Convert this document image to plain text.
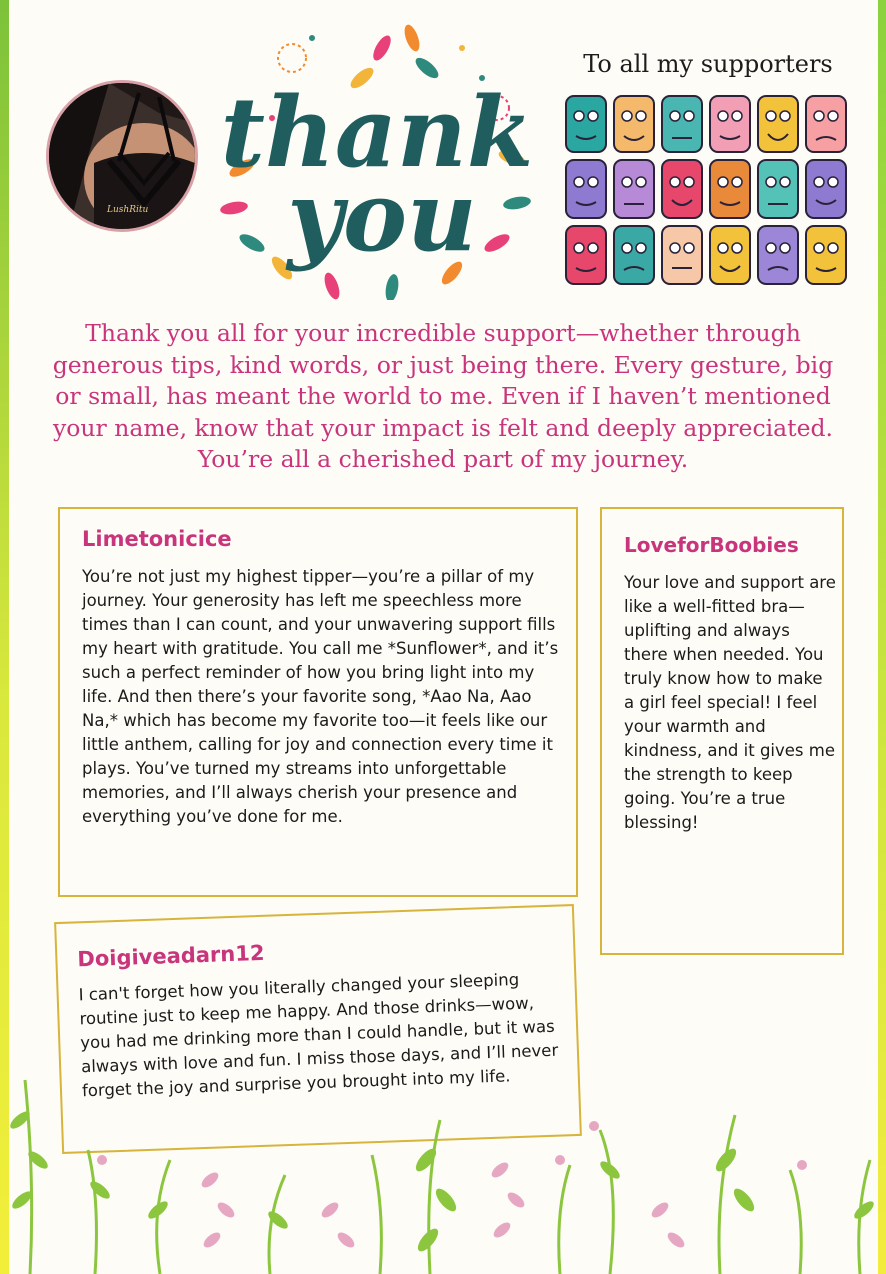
LushRitu
thank
you
To all my supporters

Thank you all for your incredible support—whether through generous tips, kind words, or just being there. Every gesture, big or small, has meant the world to me. Even if I haven’t mentioned your name, know that your impact is felt and deeply appreciated. You’re all a cherished part of my journey.

Limetonicice

You’re not just my highest tipper—you’re a pillar of my journey. Your generosity has left me speechless more times than I can count, and your unwavering support fills my heart with gratitude. You call me *Sunflower*, and it’s such a perfect reminder of how you bring light into my life. And then there’s your favorite song, *Aao Na, Aao Na,* which has become my favorite too—it feels like our little anthem, calling for joy and connection every time it plays. You’ve turned my streams into unforgettable memories, and I’ll always cherish your presence and everything you’ve done for me.

LoveforBoobies

Your love and support are like a well-fitted bra—uplifting and always there when needed. You truly know how to make a girl feel special! I feel your warmth and kindness, and it gives me the strength to keep going. You’re a true blessing!

Doigiveadarn12

I can't forget how you literally changed your sleeping routine just to keep me happy. And those drinks—wow, you had me drinking more than I could handle, but it was always with love and fun. I miss those days, and I’ll never forget the joy and surprise you brought into my life.
